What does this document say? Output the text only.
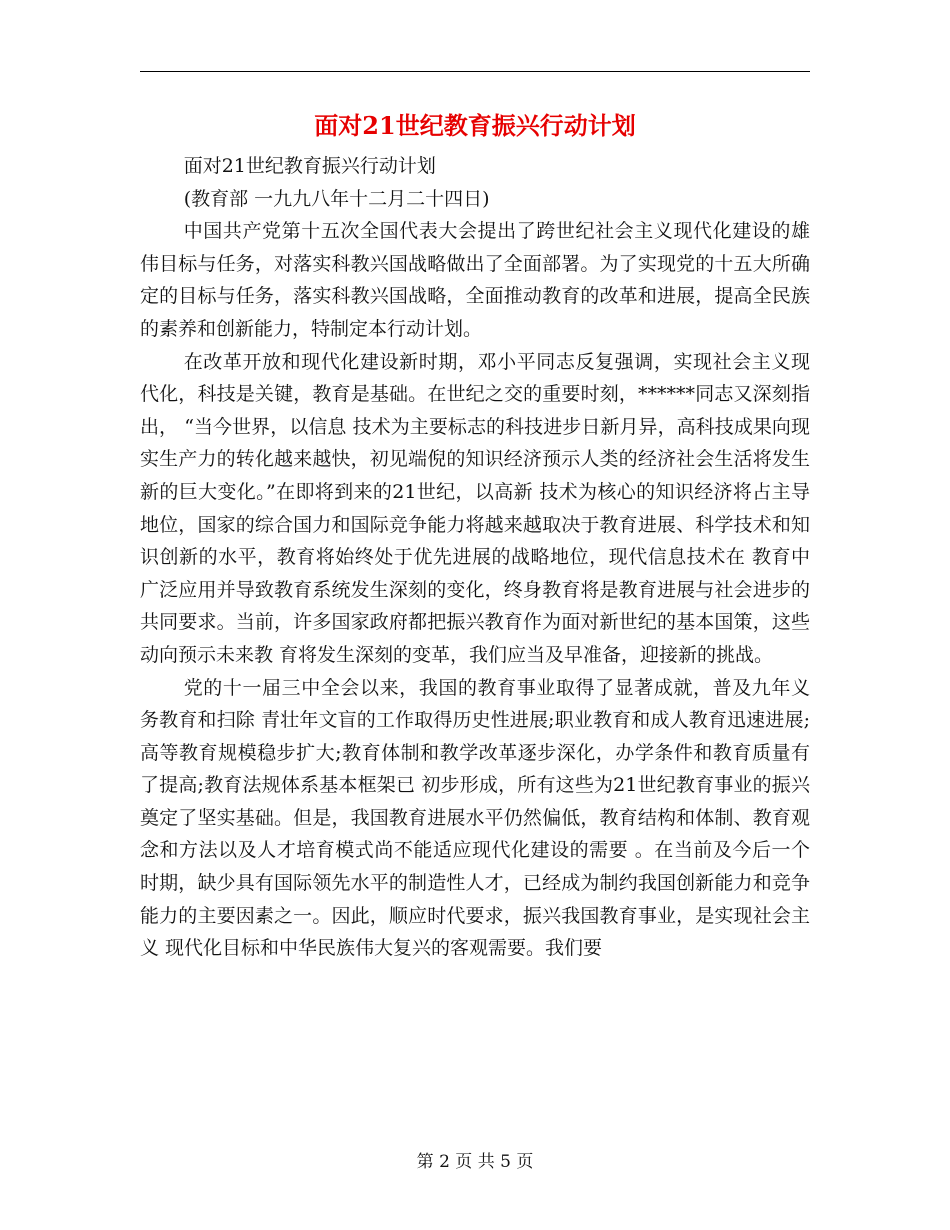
面对21世纪教育振兴行动计划

面对21世纪教育振兴行动计划

(教育部 一九九八年十二月二十四日)

中国共产党第十五次全国代表大会提出了跨世纪社会主义现代化建设的雄伟目标与任务，对落实科教兴国战略做出了全面部署。为了实现党的十五大所确定的目标与任务，落实科教兴国战略，全面推动教育的改革和进展，提高全民族的素养和创新能力，特制定本行动计划。

在改革开放和现代化建设新时期，邓小平同志反复强调，实现社会主义现代化，科技是关键，教育是基础。在世纪之交的重要时刻，******同志又深刻指出， “当今世界，以信息 技术为主要标志的科技进步日新月异，高科技成果向现实生产力的转化越来越快，初见端倪的知识经济预示人类的经济社会生活将发生新的巨大变化。”在即将到来的21世纪，以高新 技术为核心的知识经济将占主导地位，国家的综合国力和国际竞争能力将越来越取决于教育进展、科学技术和知识创新的水平，教育将始终处于优先进展的战略地位，现代信息技术在 教育中广泛应用并导致教育系统发生深刻的变化，终身教育将是教育进展与社会进步的共同要求。当前，许多国家政府都把振兴教育作为面对新世纪的基本国策，这些动向预示未来教 育将发生深刻的变革，我们应当及早准备，迎接新的挑战。

党的十一届三中全会以来，我国的教育事业取得了显著成就，普及九年义务教育和扫除 青壮年文盲的工作取得历史性进展;职业教育和成人教育迅速进展;高等教育规模稳步扩大;教育体制和教学改革逐步深化，办学条件和教育质量有了提高;教育法规体系基本框架已 初步形成，所有这些为21世纪教育事业的振兴奠定了坚实基础。但是，我国教育进展水平仍然偏低，教育结构和体制、教育观念和方法以及人才培育模式尚不能适应现代化建设的需要 。在当前及今后一个时期，缺少具有国际领先水平的制造性人才，已经成为制约我国创新能力和竞争能力的主要因素之一。因此，顺应时代要求，振兴我国教育事业，是实现社会主义 现代化目标和中华民族伟大复兴的客观需要。我们要

第 2 页 共 5 页
